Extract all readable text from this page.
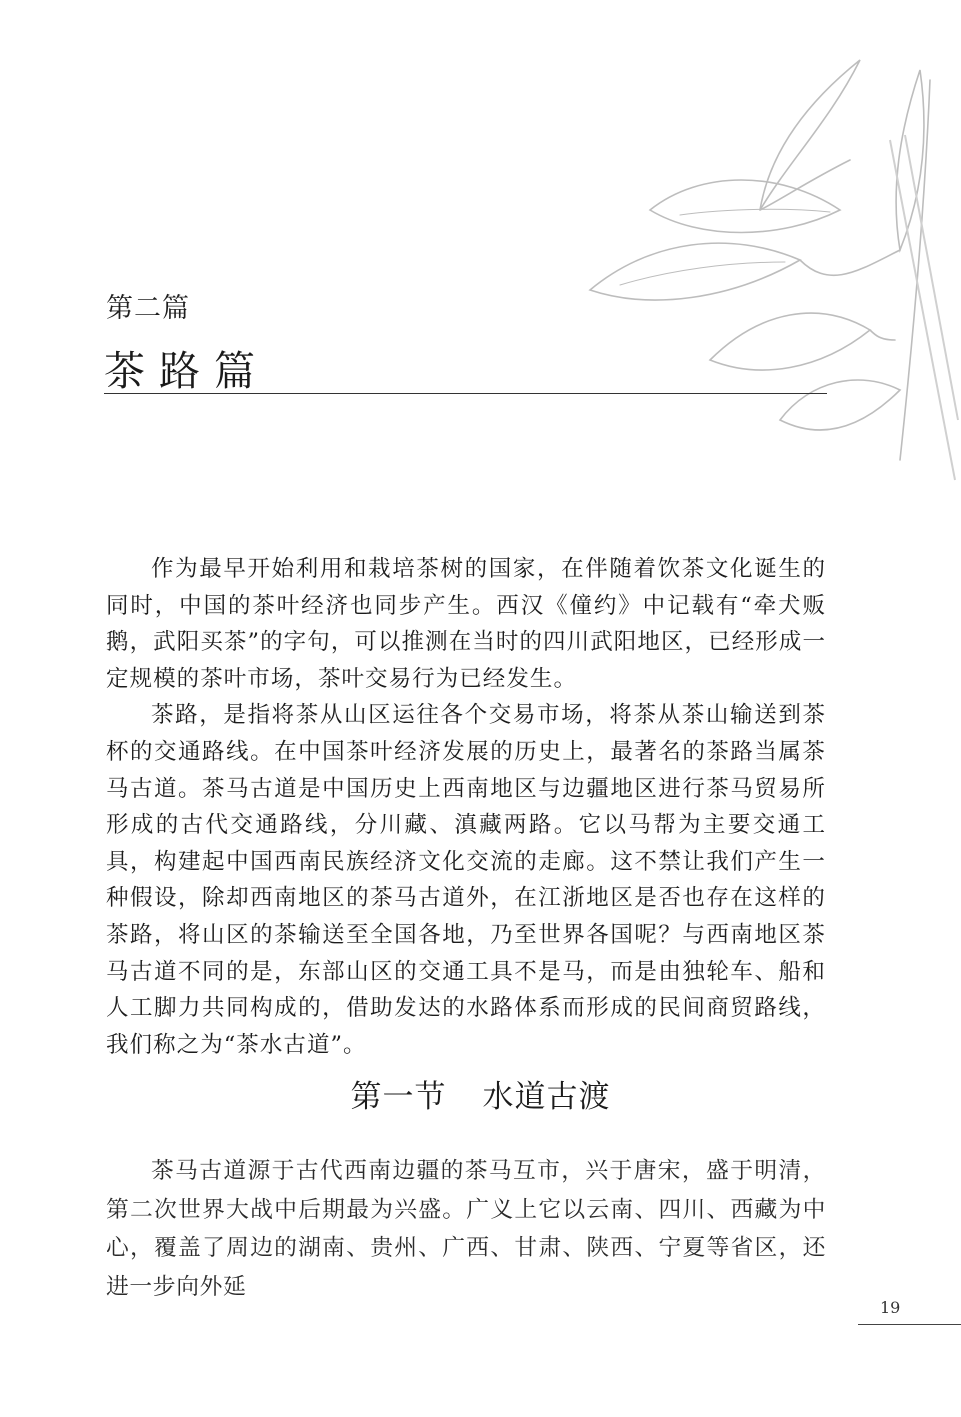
第二篇
茶路篇

作为最早开始利用和栽培茶树的国家，在伴随着饮茶文化诞生的同时，中国的茶叶经济也同步产生。西汉《僮约》中记载有“牵犬贩鹅，武阳买茶”的字句，可以推测在当时的四川武阳地区，已经形成一定规模的茶叶市场，茶叶交易行为已经发生。

茶路，是指将茶从山区运往各个交易市场，将茶从茶山输送到茶杯的交通路线。在中国茶叶经济发展的历史上，最著名的茶路当属茶马古道。茶马古道是中国历史上西南地区与边疆地区进行茶马贸易所形成的古代交通路线，分川藏、滇藏两路。它以马帮为主要交通工具，构建起中国西南民族经济文化交流的走廊。这不禁让我们产生一种假设，除却西南地区的茶马古道外，在江浙地区是否也存在这样的茶路，将山区的茶输送至全国各地，乃至世界各国呢？与西南地区茶马古道不同的是，东部山区的交通工具不是马，而是由独轮车、船和人工脚力共同构成的，借助发达的水路体系而形成的民间商贸路线，我们称之为“茶水古道”。

第一节 水道古渡

茶马古道源于古代西南边疆的茶马互市，兴于唐宋，盛于明清，第二次世界大战中后期最为兴盛。广义上它以云南、四川、西藏为中心，覆盖了周边的湖南、贵州、广西、甘肃、陕西、宁夏等省区，还进一步向外延

19
